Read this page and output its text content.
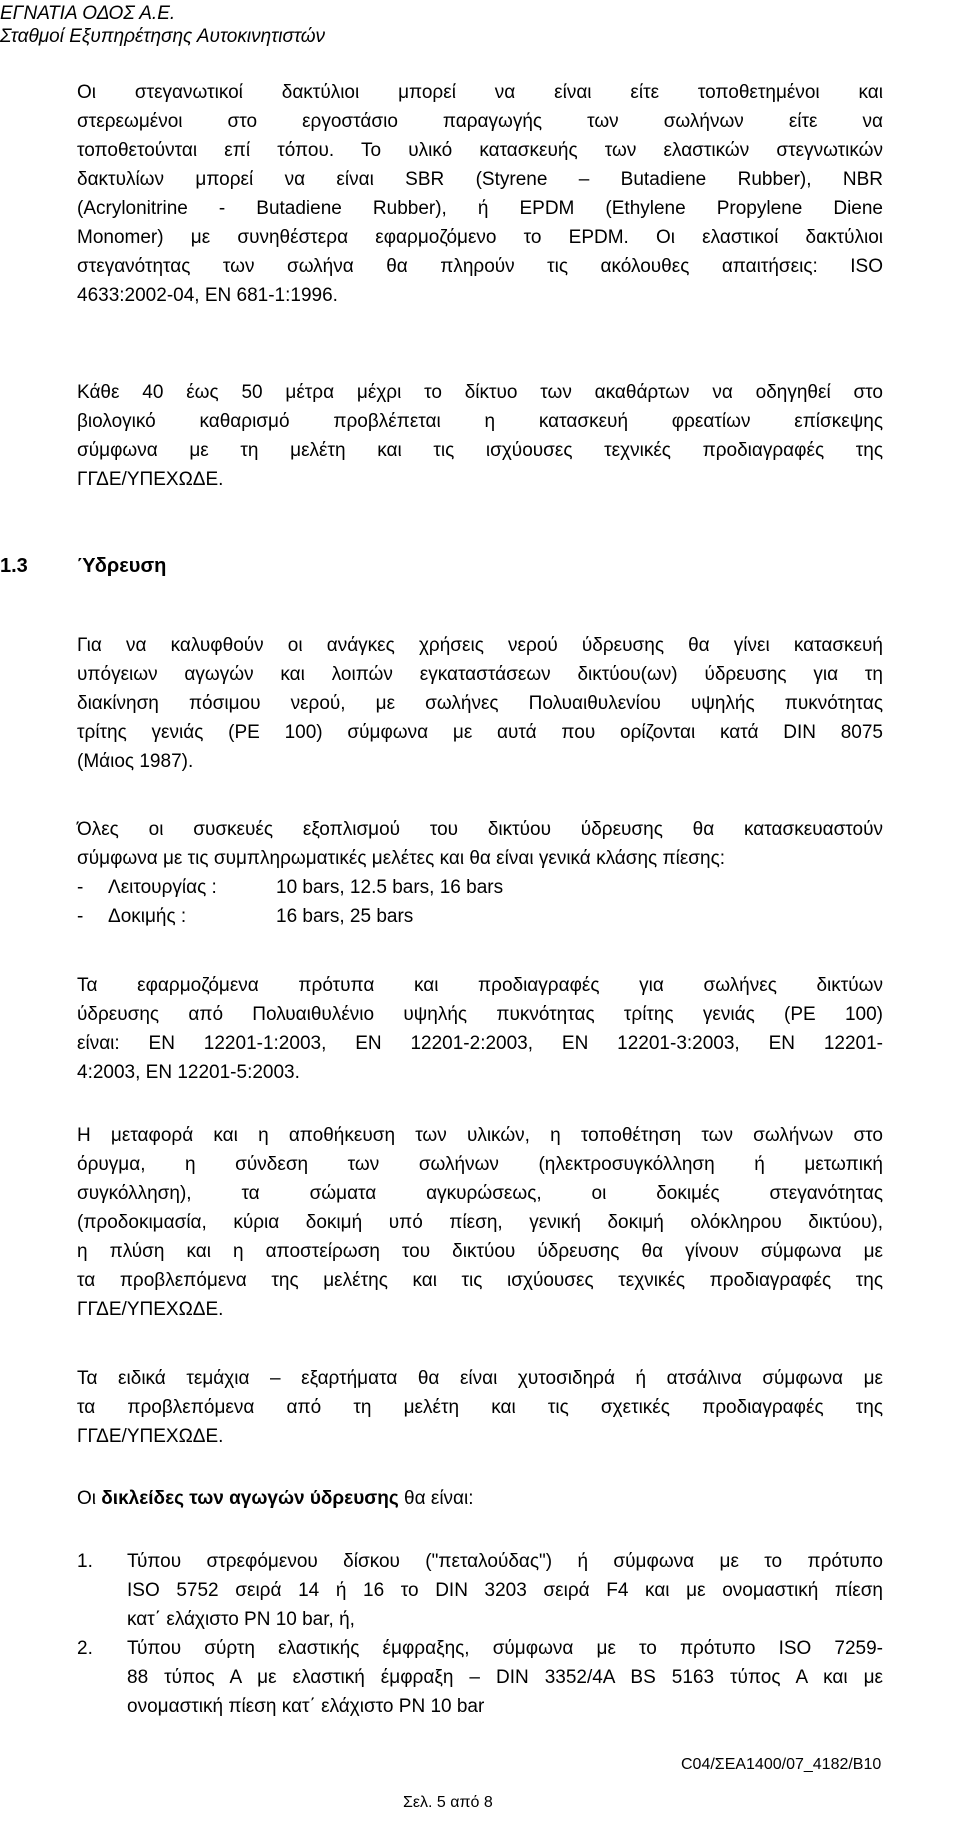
ΕΓΝΑΤΙΑ ΟΔΟΣ Α.Ε.
Σταθμοί Εξυπηρέτησης Αυτοκινητιστών
Οι στεγανωτικοί δακτύλιοι μπορεί να είναι είτε τοποθετημένοι και
στερεωμένοι στο εργοστάσιο παραγωγής των σωλήνων είτε να
τοποθετούνται επί τόπου. Το υλικό κατασκευής των ελαστικών στεγνωτικών
δακτυλίων μπορεί να είναι SBR (Styrene – Butadiene Rubber), NBR
(Acrylonitrine - Butadiene Rubber), ή EPDM (Ethylene Propylene Diene
Monomer) με συνηθέστερα εφαρμοζόμενο το EPDM. Οι ελαστικοί δακτύλιοι
στεγανότητας των σωλήνα θα πληρούν τις ακόλουθες απαιτήσεις: ISO
4633:2002-04, EN 681-1:1996.
Κάθε 40 έως 50 μέτρα μέχρι το δίκτυο των ακαθάρτων να οδηγηθεί στο
βιολογικό καθαρισμό προβλέπεται η κατασκευή φρεατίων επίσκεψης
σύμφωνα με τη μελέτη και τις ισχύουσες τεχνικές προδιαγραφές της
ΓΓΔΕ/ΥΠΕΧΩΔΕ.
1.3 Ύδρευση
Για να καλυφθούν οι ανάγκες χρήσεις νερού ύδρευσης θα γίνει κατασκευή
υπόγειων αγωγών και λοιπών εγκαταστάσεων δικτύου(ων) ύδρευσης για τη
διακίνηση πόσιμου νερού, με σωλήνες Πολυαιθυλενίου υψηλής πυκνότητας
τρίτης γενιάς (PE 100) σύμφωνα με αυτά που ορίζονται κατά DIN 8075
(Μάιος 1987).
Όλες οι συσκευές εξοπλισμού του δικτύου ύδρευσης θα κατασκευαστούν
σύμφωνα με τις συμπληρωματικές μελέτες και θα είναι γενικά κλάσης πίεσης:
- Λειτουργίας :	10 bars, 12.5 bars, 16 bars
- Δοκιμής :	16 bars, 25 bars
Τα εφαρμοζόμενα πρότυπα και προδιαγραφές για σωλήνες δικτύων
ύδρευσης από Πολυαιθυλένιο υψηλής πυκνότητας τρίτης γενιάς (PE 100)
είναι: EN 12201-1:2003, EN 12201-2:2003, EN 12201-3:2003, EN 12201-
4:2003, EN 12201-5:2003.
Η μεταφορά και η αποθήκευση των υλικών, η τοποθέτηση των σωλήνων στο
όρυγμα, η σύνδεση των σωλήνων (ηλεκτροσυγκόλληση ή μετωπική
συγκόλληση), τα σώματα αγκυρώσεως, οι δοκιμές στεγανότητας
(προδοκιμασία, κύρια δοκιμή υπό πίεση, γενική δοκιμή ολόκληρου δικτύου),
η πλύση και η αποστείρωση του δικτύου ύδρευσης θα γίνουν σύμφωνα με
τα προβλεπόμενα της μελέτης και τις ισχύουσες τεχνικές προδιαγραφές της
ΓΓΔΕ/ΥΠΕΧΩΔΕ.
Τα ειδικά τεμάχια – εξαρτήματα θα είναι χυτοσιδηρά ή ατσάλινα σύμφωνα με
τα προβλεπόμενα από τη μελέτη και τις σχετικές προδιαγραφές της
ΓΓΔΕ/ΥΠΕΧΩΔΕ.
Οι δικλείδες των αγωγών ύδρευσης θα είναι:
1. Τύπου στρεφόμενου δίσκου ("πεταλούδας") ή σύμφωνα με το πρότυπο
ISO 5752 σειρά 14 ή 16 το DIN 3203 σειρά F4 και με ονομαστική πίεση
κατ΄ ελάχιστο PN 10 bar, ή,
2. Τύπου σύρτη ελαστικής έμφραξης, σύμφωνα με το πρότυπο ISO 7259-
88 τύπος Α με ελαστική έμφραξη – DIN 3352/4A BS 5163 τύπος Α και με
ονομαστική πίεση κατ΄ ελάχιστο PN 10 bar
C04/ΣΕΑ1400/07_4182/B10
Σελ. 5 από 8
